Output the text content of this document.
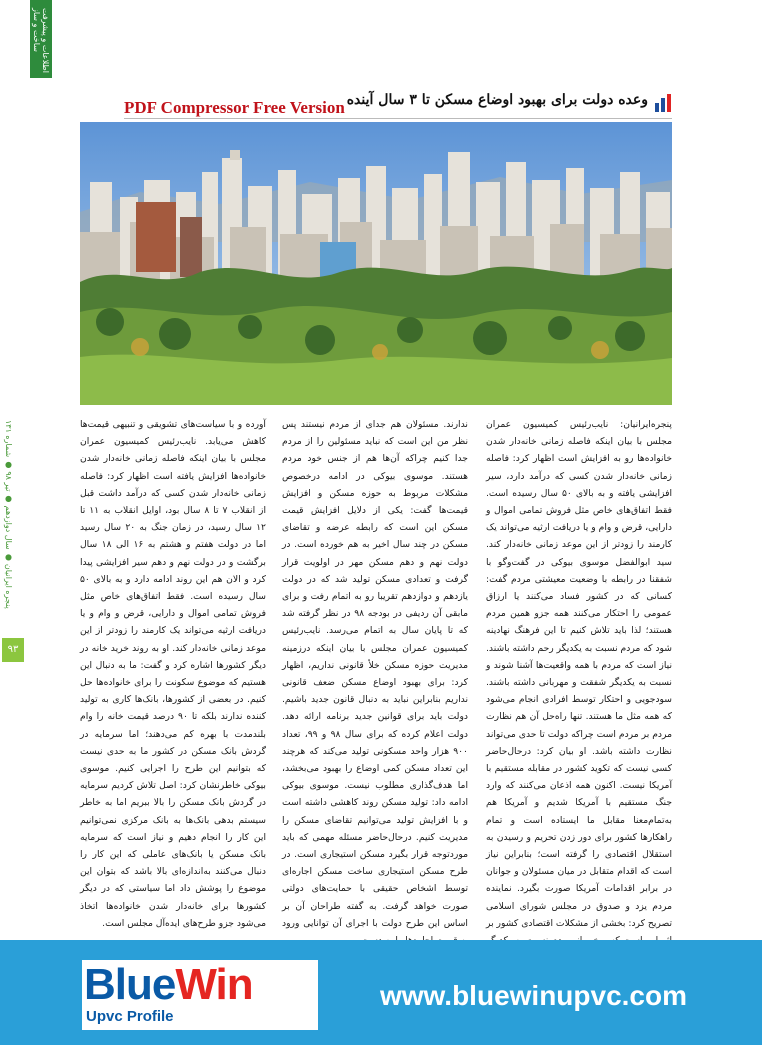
اطلاعات و پیشرفت ساخت و ساز
پنجره ایرانیان ● سال دوازدهم ● تیر ۹۸ ● شماره ۱۳۱
۹۳
وعده دولت برای بهبود اوضاع مسکن تا ۳ سال آینده
PDF Compressor Free Version

پنجره‌ایرانیان: نایب‌رئیس کمیسیون عمران مجلس با بیان اینکه فاصله زمانی خانه‌دار شدن خانواده‌ها رو به افزایش است اظهار کرد: فاصله زمانی خانه‌دار شدن کسی که درآمد دارد، سیر افزایشی یافته و به بالای ۵۰ سال رسیده است. فقط اتفاق‌های خاص مثل فروش تمامی اموال و دارایی، قرض و وام و یا دریافت ارثیه می‌تواند یک کارمند را زودتر از این موعد زمانی خانه‌دار کند. سید ابوالفضل موسوی بیوکی در گفت‌وگو با شفقنا در رابطه با وضعیت معیشتی مردم گفت: کسانی که در کشور فساد می‌کنند یا ارزاق عمومی را احتکار می‌کنند همه جزو همین مردم هستند؛ لذا باید تلاش کنیم تا این فرهنگ نهادینه شود که مردم نسبت به یکدیگر رحم داشته باشند. نیاز است که مردم با همه واقعیت‌ها آشنا شوند و نسبت به یکدیگر شفقت و مهربانی داشته باشند. سودجویی و احتکار توسط افرادی انجام می‌شود که همه مثل ما هستند. تنها راه‌حل آن هم نظارت مردم بر مردم است چراکه دولت تا حدی می‌تواند نظارت داشته باشد. او بیان کرد: درحال‌حاضر کسی نیست که تکوید کشور در مقابله مستقیم با آمریکا نیست. اکنون همه اذعان می‌کنند که وارد جنگ مستقیم با آمریکا شدیم و آمریکا هم به‌تمام‌معنا مقابل ما ایستاده است و تمام راهکارها کشور برای دور زدن تحریم و رسیدن به استقلال اقتصادی را گرفته است؛ بنابراین نیاز است که اقدام متقابل در میان مسئولان و جوانان در برابر اقدامات آمریکا صورت بگیرد. نماینده مردم یزد و صدوق در مجلس شورای اسلامی تصریح کرد: بخشی از مشکلات اقتصادی کشور بر

ندارند. مسئولان هم جدای از مردم نیستند پس نظر من این است که نباید مسئولین را از مردم جدا کنیم چراکه آن‌ها هم از جنس خود مردم هستند. موسوی بیوکی در ادامه درخصوص مشکلات مربوط به حوزه مسکن و افزایش قیمت‌ها گفت: یکی از دلایل افزایش قیمت مسکن این است که رابطه عرضه و تقاضای مسکن در چند سال اخیر به هم خورده است. در دولت نهم و دهم مسکن مهر در اولویت قرار گرفت و تعدادی مسکن تولید شد که در دولت یازدهم و دوازدهم تقریبا رو به اتمام رفت و برای مابقی آن ردیفی در بودجه ۹۸ در نظر گرفته شد که تا پایان سال به اتمام می‌رسد. نایب‌رئیس کمیسیون عمران مجلس با بیان اینکه درزمینه مدیریت حوزه مسکن خلأ قانونی نداریم، اظهار کرد: برای بهبود اوضاع مسکن ضعف قانونی نداریم بنابراین نباید به دنبال قانون جدید باشیم. دولت باید برای قوانین جدید برنامه ارائه دهد. دولت اعلام کرده که برای سال ۹۸ و ۹۹، تعداد ۹۰۰ هزار واحد مسکونی تولید می‌کند که هرچند این تعداد مسکن کمی اوضاع را بهبود می‌بخشد، اما هدف‌گذاری مطلوب نیست. موسوی بیوکی ادامه داد: تولید مسکن روند کاهشی داشته است و با افزایش تولید می‌توانیم تقاضای مسکن را مدیریت کنیم. درحال‌حاضر مسئله مهمی که باید موردتوجه قرار بگیرد مسکن استیجاری است. در طرح مسکن استیجاری ساخت مسکن اجاره‌ای توسط اشخاص حقیقی با حمایت‌های دولتی صورت خواهد گرفت. به گفته طراحان آن بر اساس این طرح دولت با اجرای آن توانایی ورود

آورده و با سیاست‌های تشویقی و تنبیهی قیمت‌ها کاهش می‌یابد. نایب‌رئیس کمیسیون عمران مجلس با بیان اینکه فاصله زمانی خانه‌دار شدن خانواده‌ها افزایش یافته است اظهار کرد: فاصله زمانی خانه‌دار شدن کسی که درآمد داشت قبل از انقلاب ۷ تا ۸ سال بود، اوایل انقلاب به ۱۱ تا ۱۲ سال رسید، در زمان جنگ به ۲۰ سال رسید اما در دولت هفتم و هشتم به ۱۶ الی ۱۸ سال برگشت و در دولت نهم و دهم سیر افزایشی پیدا کرد و الان هم این روند ادامه دارد و به بالای ۵۰ سال رسیده است. فقط اتفاق‌های خاص مثل فروش تمامی اموال و دارایی، قرض و وام و یا دریافت ارثیه می‌تواند یک کارمند را زودتر از این موعد زمانی خانه‌دار کند. او به روند خرید خانه در دیگر کشورها اشاره کرد و گفت: ما به دنبال این هستیم که موضوع سکونت را برای خانواده‌ها حل کنیم. در بعضی از کشورها، بانک‌ها کاری به تولید کننده ندارند بلکه تا ۹۰ درصد قیمت خانه را وام بلندمدت با بهره کم می‌دهند؛ اما سرمایه در گردش بانک مسکن در کشور ما به حدی نیست که بتوانیم این طرح را اجرایی کنیم. موسوی بیوکی خاطرنشان کرد: اصل تلاش کردیم سرمایه در گردش بانک مسکن را بالا ببریم اما به خاطر سیستم بدهی بانک‌ها به بانک مرکزی نمی‌توانیم این کار را انجام دهیم و نیاز است که سرمایه بانک مسکن یا بانک‌های عاملی که این کار را دنبال می‌کنند به‌اندازه‌ای بالا باشد که بتوان این موضوع را پوشش داد اما سیاستی که در دیگر کشورها برای خانه‌دار شدن خانواده‌ها اتخاذ می‌شود جزو طرح‌های ایده‌آل مجلس است.

BlueWin
Upvc Profile
www.bluewinupvc.com
